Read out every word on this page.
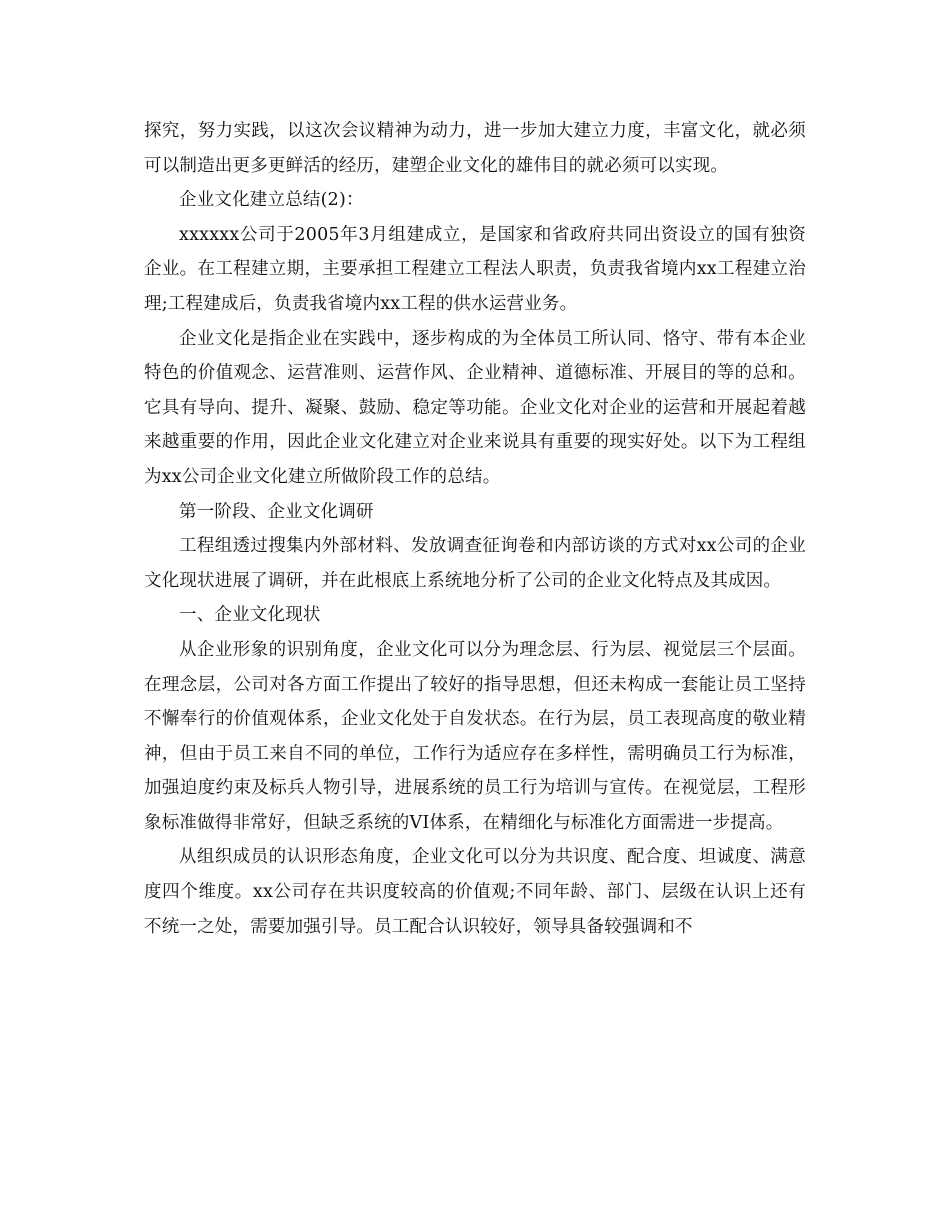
探究，努力实践，以这次会议精神为动力，进一步加大建立力度，丰富文化，就必须可以制造出更多更鲜活的经历，建塑企业文化的雄伟目的就必须可以实现。

企业文化建立总结(2)：

xxxxxx公司于2005年3月组建成立，是国家和省政府共同出资设立的国有独资企业。在工程建立期，主要承担工程建立工程法人职责，负责我省境内xx工程建立治理;工程建成后，负责我省境内xx工程的供水运营业务。

企业文化是指企业在实践中，逐步构成的为全体员工所认同、恪守、带有本企业特色的价值观念、运营准则、运营作风、企业精神、道德标准、开展目的等的总和。它具有导向、提升、凝聚、鼓励、稳定等功能。企业文化对企业的运营和开展起着越来越重要的作用，因此企业文化建立对企业来说具有重要的现实好处。以下为工程组为xx公司企业文化建立所做阶段工作的总结。

第一阶段、企业文化调研

工程组透过搜集内外部材料、发放调查征询卷和内部访谈的方式对xx公司的企业文化现状进展了调研，并在此根底上系统地分析了公司的企业文化特点及其成因。

一、企业文化现状

从企业形象的识别角度，企业文化可以分为理念层、行为层、视觉层三个层面。在理念层，公司对各方面工作提出了较好的指导思想，但还未构成一套能让员工坚持不懈奉行的价值观体系，企业文化处于自发状态。在行为层，员工表现高度的敬业精神，但由于员工来自不同的单位，工作行为适应存在多样性，需明确员工行为标准，加强迫度约束及标兵人物引导，进展系统的员工行为培训与宣传。在视觉层，工程形象标准做得非常好，但缺乏系统的VI体系，在精细化与标准化方面需进一步提高。

从组织成员的认识形态角度，企业文化可以分为共识度、配合度、坦诚度、满意度四个维度。xx公司存在共识度较高的价值观;不同年龄、部门、层级在认识上还有不统一之处，需要加强引导。员工配合认识较好，领导具备较强调和不
